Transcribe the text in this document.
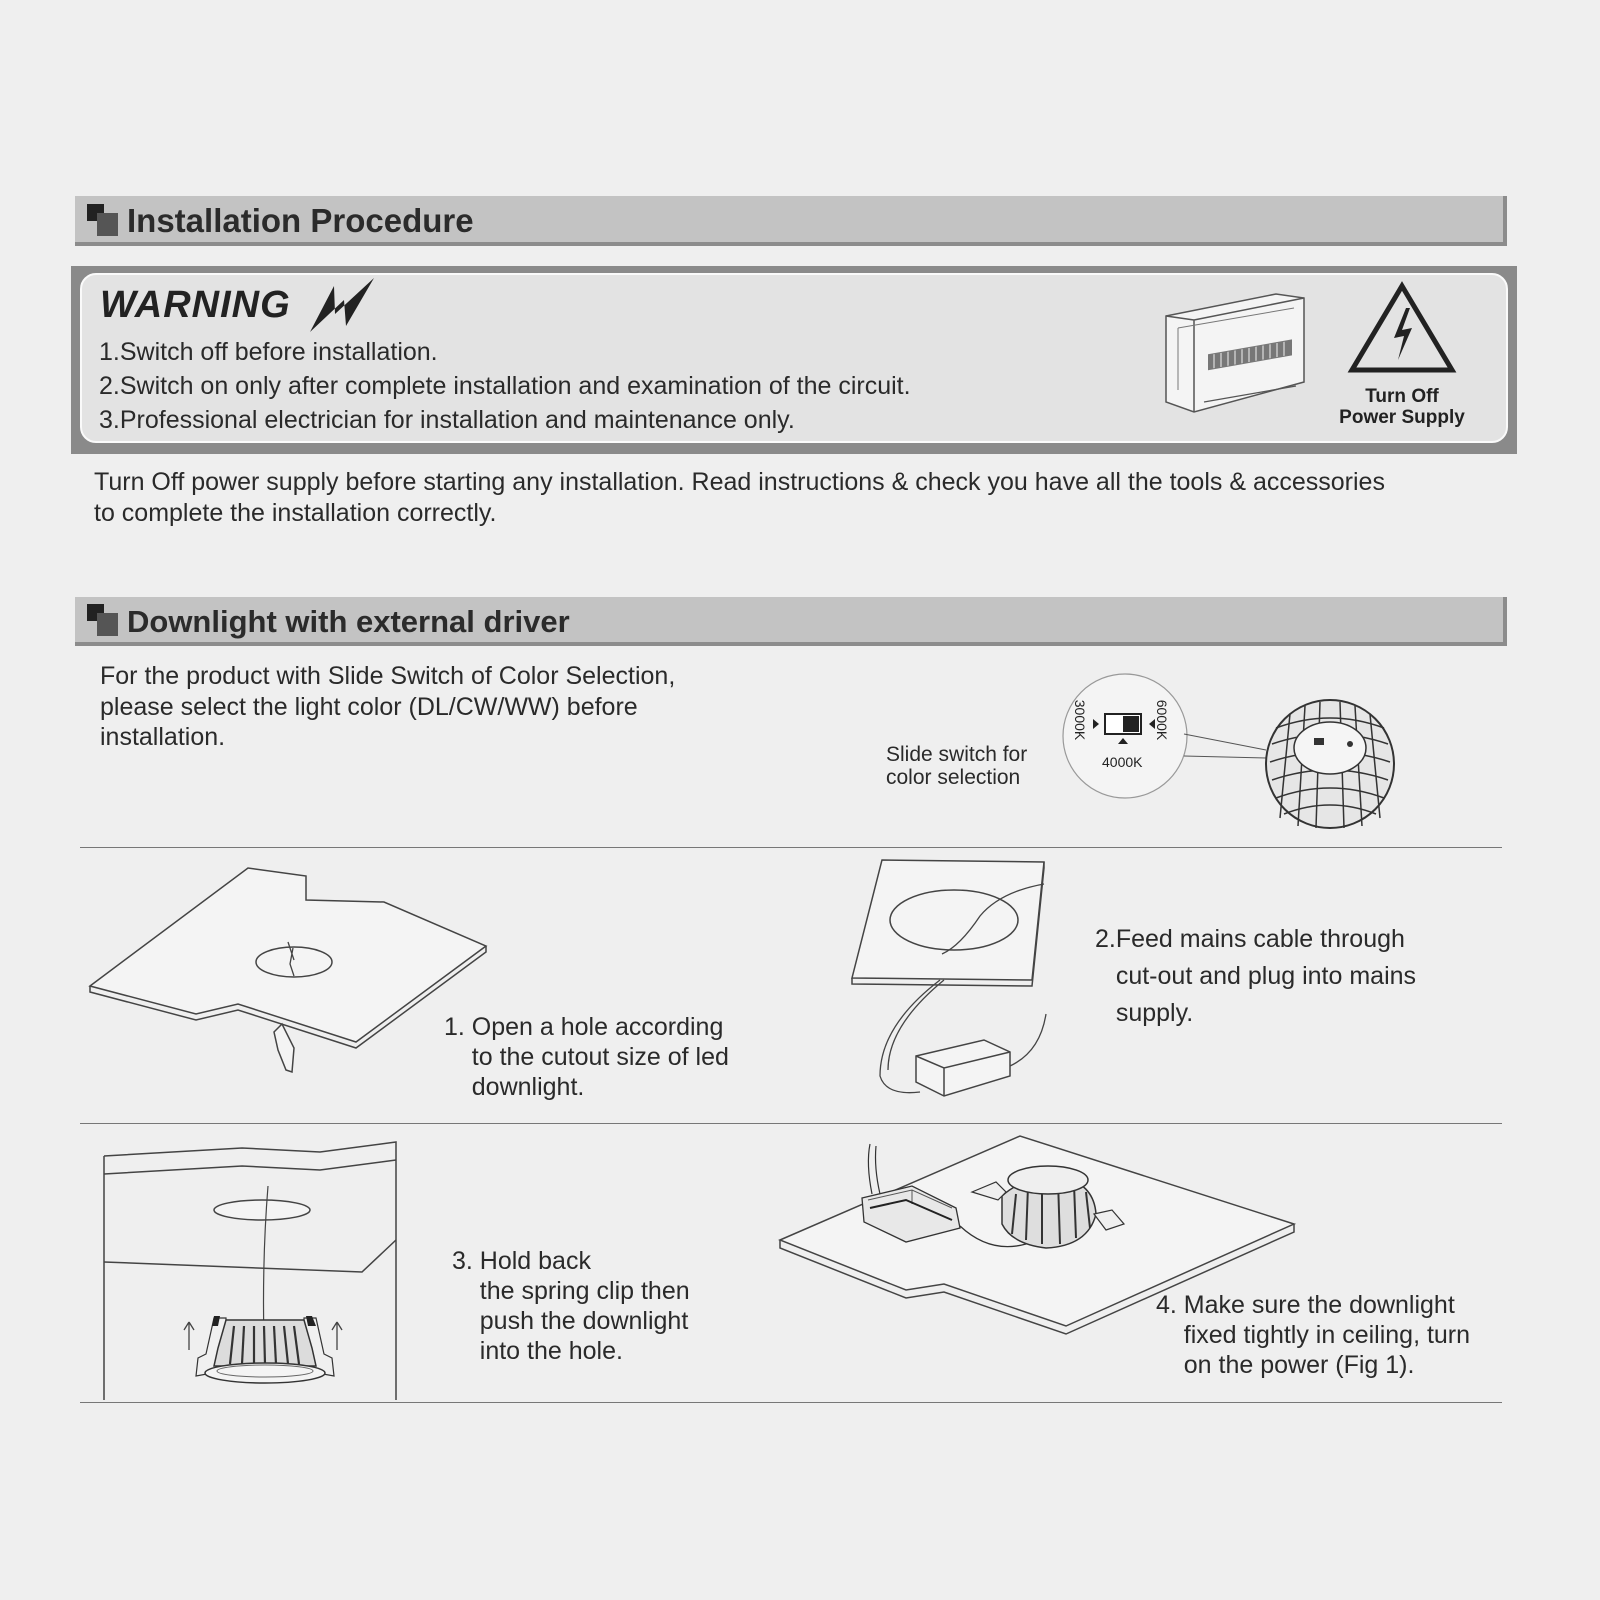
Installation Procedure
WARNING
1.Switch off before installation.
2.Switch on only after complete installation and examination of the circuit.
3.Professional electrician for installation and maintenance only.
Turn Off
Power Supply
Turn Off power supply before starting any installation. Read instructions & check you have all the tools & accessories
to complete the installation correctly.
Downlight with external driver
For the product with Slide Switch of Color Selection,
please select the light color (DL/CW/WW) before
installation.
Slide switch for
color selection
3000K	6000K
4000K
1. Open a hole according
to the cutout size of led
downlight.
2.Feed mains cable through
cut-out and plug into mains
supply.
3. Hold back
the spring clip then
push the downlight
into the hole.
4. Make sure the downlight
fixed tightly in ceiling, turn
on the power (Fig 1).
